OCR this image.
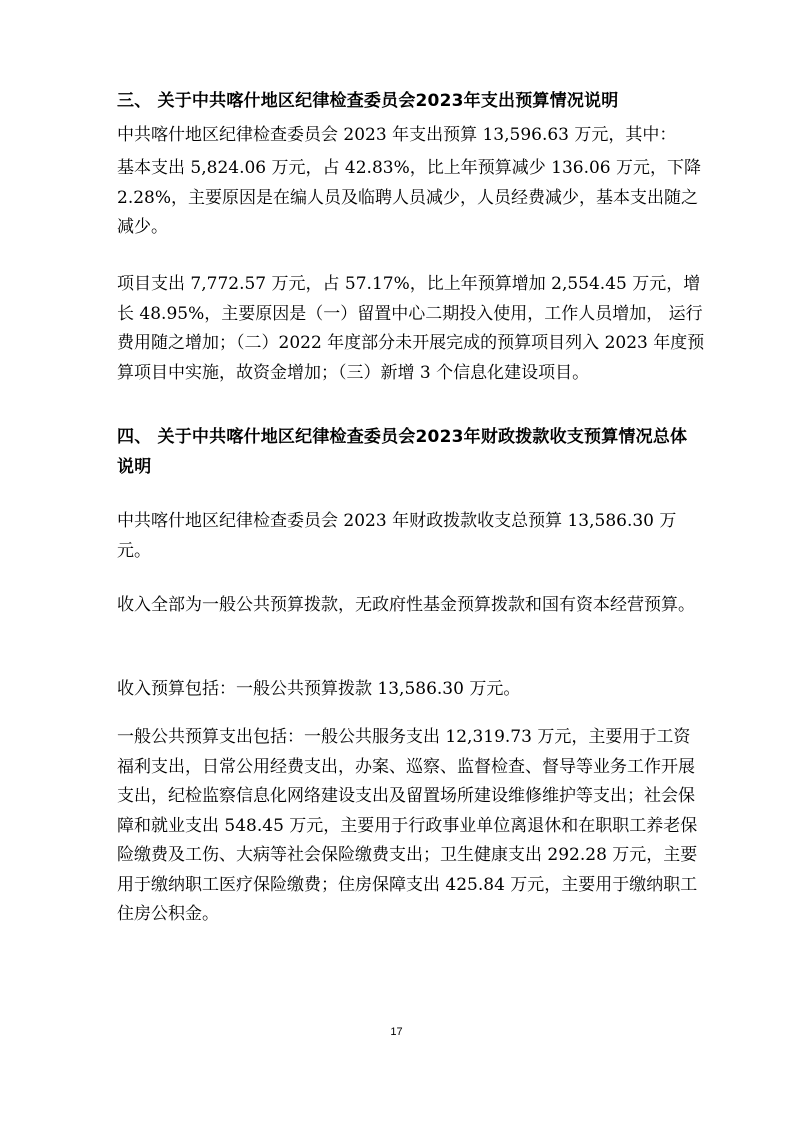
三、 关于中共喀什地区纪律检查委员会2023年支出预算情况说明
中共喀什地区纪律检查委员会 2023 年支出预算 13,596.63 万元，其中：
基本支出 5,824.06 万元，占 42.83%，比上年预算减少 136.06 万元，下降 2.28%，主要原因是在编人员及临聘人员减少，人员经费减少，基本支出随之减少。
项目支出 7,772.57 万元，占 57.17%，比上年预算增加 2,554.45 万元，增长 48.95%，主要原因是（一）留置中心二期投入使用，工作人员增加， 运行费用随之增加；（二）2022 年度部分未开展完成的预算项目列入 2023 年度预算项目中实施，故资金增加；（三）新增 3 个信息化建设项目。
四、 关于中共喀什地区纪律检查委员会2023年财政拨款收支预算情况总体说明
中共喀什地区纪律检查委员会 2023 年财政拨款收支总预算 13,586.30 万元。
收入全部为一般公共预算拨款，无政府性基金预算拨款和国有资本经营预算。
收入预算包括：一般公共预算拨款 13,586.30 万元。
一般公共预算支出包括：一般公共服务支出 12,319.73 万元，主要用于工资福利支出，日常公用经费支出，办案、巡察、监督检查、督导等业务工作开展支出，纪检监察信息化网络建设支出及留置场所建设维修维护等支出；社会保障和就业支出 548.45 万元，主要用于行政事业单位离退休和在职职工养老保险缴费及工伤、大病等社会保险缴费支出；卫生健康支出 292.28 万元，主要用于缴纳职工医疗保险缴费；住房保障支出 425.84 万元，主要用于缴纳职工住房公积金。
17
